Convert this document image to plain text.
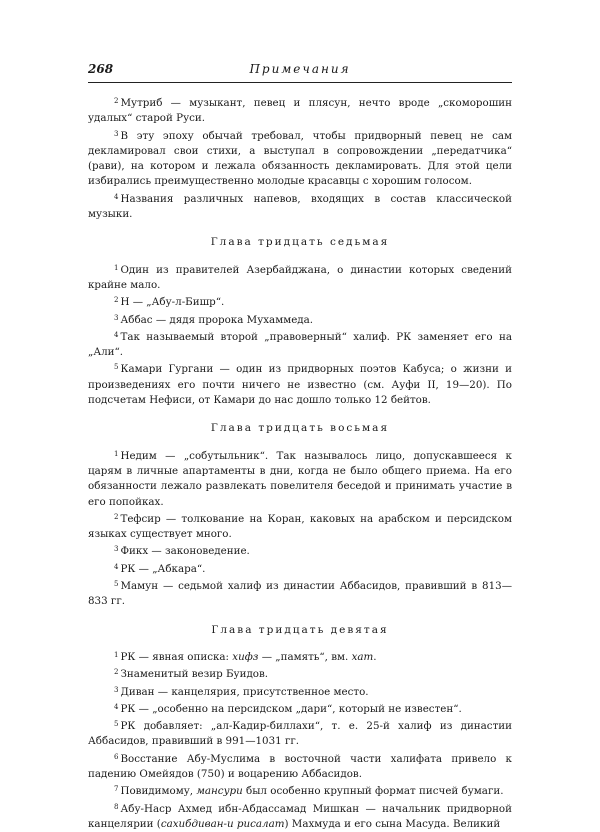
268	Примечания

$^2$ Мутриб — музыкант, певец и плясун, нечто вроде „скоморошин удалых“ старой Руси.

$^3$ В эту эпоху обычай требовал, чтобы придворный певец не сам декламировал свои стихи, а выступал в сопровождении „передатчика“ (рави), на котором и лежала обязанность декламировать. Для этой цели избирались преимущественно молодые красавцы с хорошим голосом.

$^4$ Названия различных напевов, входящих в состав классической музыки.

Глава тридцать седьмая

$^1$ Один из правителей Азербайджана, о династии которых сведений крайне мало.

$^2$ Н — „Абу-л-Бишр“.

$^3$ Аббас — дядя пророка Мухаммеда.

$^4$ Так называемый второй „правоверный“ халиф. РК заменяет его на „Али“.

$^5$ Камари Гургани — один из придворных поэтов Кабуса; о жизни и произведениях его почти ничего не известно (см. Ауфи II, 19—20). По подсчетам Нефиси, от Камари до нас дошло только 12 бейтов.

Глава тридцать восьмая

$^1$ Недим — „собутыльник“. Так называлось лицо, допускавшееся к царям в личные апартаменты в дни, когда не было общего приема. На его обязанности лежало развлекать повелителя беседой и принимать участие в его попойках.

$^2$ Тефсир — толкование на Коран, каковых на арабском и персидском языках существует много.

$^3$ Фикх — законоведение.

$^4$ РК — „Абкара“.

$^5$ Мамун — седьмой халиф из династии Аббасидов, правивший в 813—833 гг.

Глава тридцать девятая

$^1$ РК — явная описка: хифз — „память“, вм. хат.

$^2$ Знаменитый везир Буидов.

$^3$ Диван — канцелярия, присутственное место.

$^4$ РК — „особенно на персидском „дари“, который не известен“.

$^5$ РК добавляет: „ал-Кадир-биллахи“, т. е. 25-й халиф из династии Аббасидов, правивший в 991—1031 гг.

$^6$ Восстание Абу-Муслима в восточной части халифата привело к падению Омейядов (750) и воцарению Аббасидов.

$^7$ Повидимому, мансури был особенно крупный формат писчей бумаги.

$^8$ Абу-Наср Ахмед ибн-Абдассамад Мишкан — начальник придворной канцелярии (сахибдиван-и рисалат) Махмуда и его сына Масуда. Великий
